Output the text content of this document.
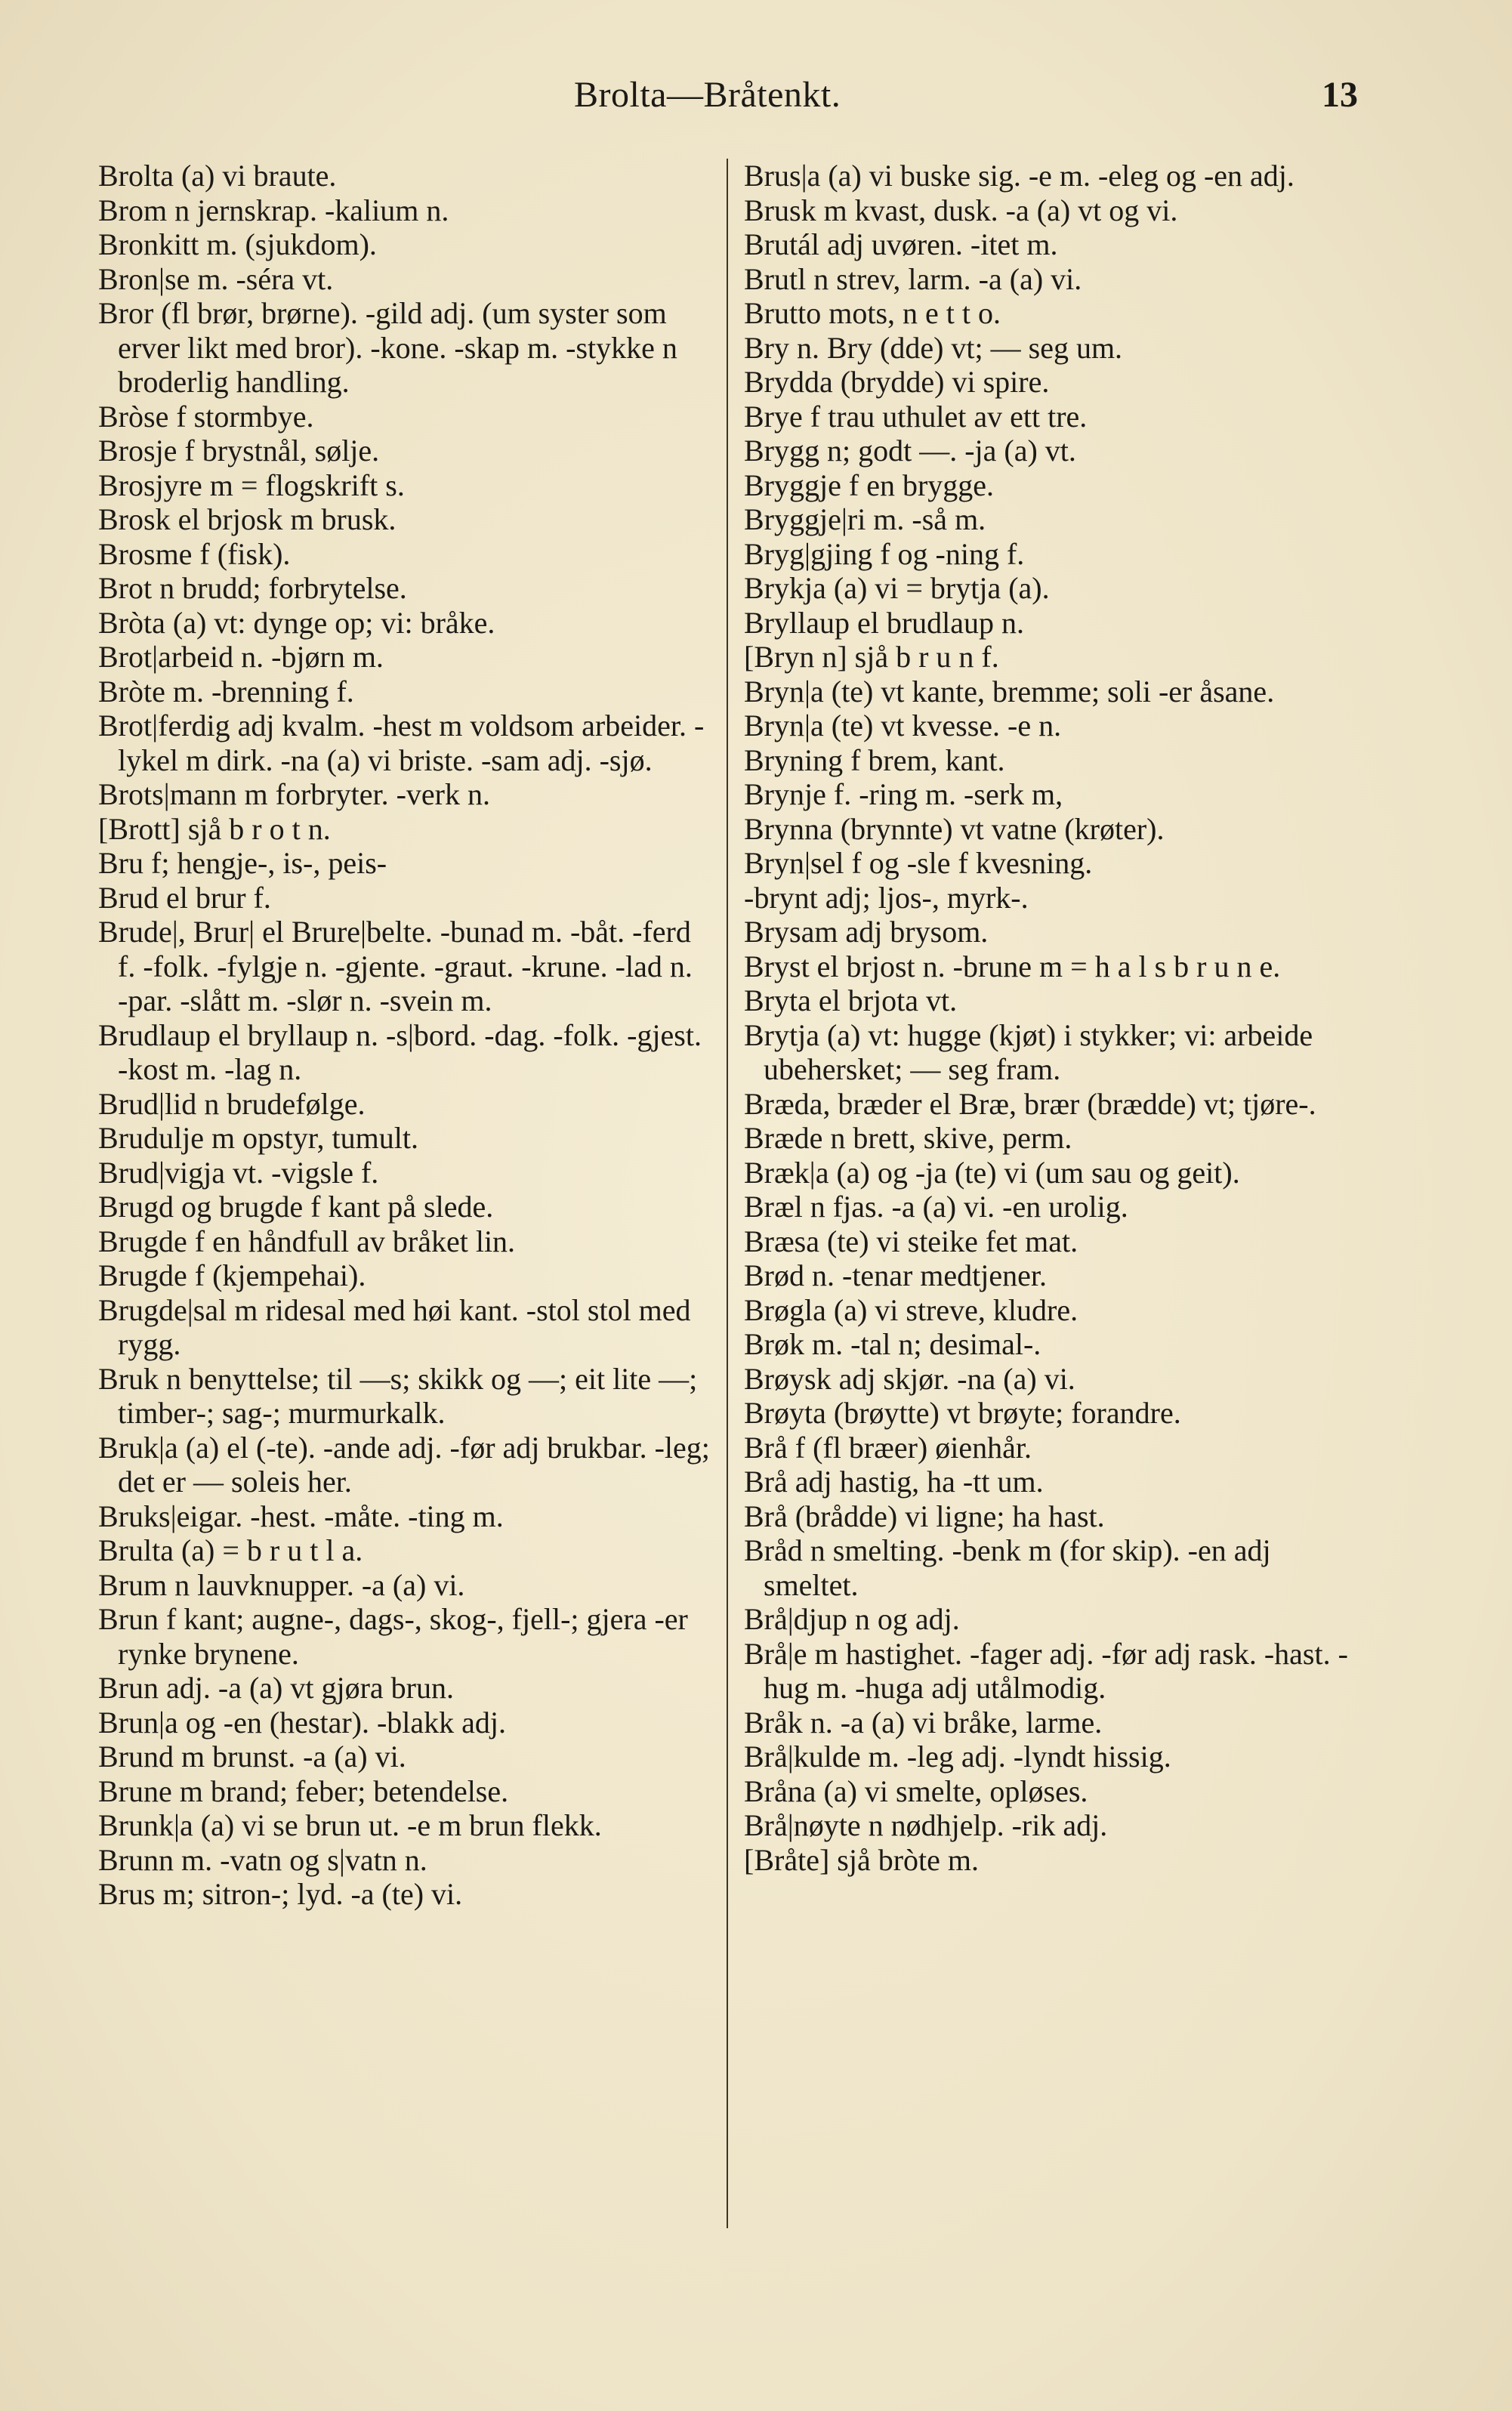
Brolta—Bråtenkt.	13

Brolta (a) vi braute.

Brom n jernskrap. -kalium n.

Bronkitt m. (sjukdom).

Bron|se m. -séra vt.

Bror (fl brør, brørne). -gild adj. (um syster som erver likt med bror). -kone. -skap m. -stykke n broderlig handling.

Bròse f stormbye.

Brosje f brystnål, sølje.

Brosjyre m = flogskrift s.

Brosk el brjosk m brusk.

Brosme f (fisk).

Brot n brudd; forbrytelse.

Bròta (a) vt: dynge op; vi: bråke.

Brot|arbeid n. -bjørn m.

Bròte m. -brenning f.

Brot|ferdig adj kvalm. -hest m voldsom arbeider. -lykel m dirk. -na (a) vi briste. -sam adj. -sjø.

Brots|mann m forbryter. -verk n.

[Brott] sjå b r o t n.

Bru f; hengje-, is-, peis-

Brud el brur f.

Brude|, Brur| el Brure|belte. -bunad m. -båt. -ferd f. -folk. -fylgje n. -gjente. -graut. -krune. -lad n. -par. -slått m. -slør n. -svein m.

Brudlaup el bryllaup n. -s|bord. -dag. -folk. -gjest. -kost m. -lag n.

Brud|lid n brudefølge.

Brudulje m opstyr, tumult.

Brud|vigja vt. -vigsle f.

Brugd og brugde f kant på slede.

Brugde f en håndfull av bråket lin.

Brugde f (kjempehai).

Brugde|sal m ridesal med høi kant. -stol stol med rygg.

Bruk n benyttelse; til —s; skikk og —; eit lite —; timber-; sag-; murmurkalk.

Bruk|a (a) el (-te). -ande adj. -før adj brukbar. -leg; det er — soleis her.

Bruks|eigar. -hest. -måte. -ting m.

Brulta (a) = b r u t l a.

Brum n lauvknupper. -a (a) vi.

Brun f kant; augne-, dags-, skog-, fjell-; gjera -er rynke brynene.

Brun adj. -a (a) vt gjøra brun.

Brun|a og -en (hestar). -blakk adj.

Brund m brunst. -a (a) vi.

Brune m brand; feber; betendelse.

Brunk|a (a) vi se brun ut. -e m brun flekk.

Brunn m. -vatn og s|vatn n.

Brus m; sitron-; lyd. -a (te) vi.

Brus|a (a) vi buske sig. -e m. -eleg og -en adj.

Brusk m kvast, dusk. -a (a) vt og vi.

Brutál adj uvøren. -itet m.

Brutl n strev, larm. -a (a) vi.

Brutto mots, n e t t o.

Bry n. Bry (dde) vt; — seg um.

Brydda (brydde) vi spire.

Brye f trau uthulet av ett tre.

Brygg n; godt —. -ja (a) vt.

Bryggje f en brygge.

Bryggje|ri m. -så m.

Bryg|gjing f og -ning f.

Brykja (a) vi = brytja (a).

Bryllaup el brudlaup n.

[Bryn n] sjå b r u n f.

Bryn|a (te) vt kante, bremme; soli -er åsane.

Bryn|a (te) vt kvesse. -e n.

Bryning f brem, kant.

Brynje f. -ring m. -serk m,

Brynna (brynnte) vt vatne (krøter).

Bryn|sel f og -sle f kvesning.

-brynt adj; ljos-, myrk-.

Brysam adj brysom.

Bryst el brjost n. -brune m = h a l s b r u n e.

Bryta el brjota vt.

Brytja (a) vt: hugge (kjøt) i stykker; vi: arbeide ubehersket; — seg fram.

Bræda, bræder el Bræ, brær (brædde) vt; tjøre-.

Bræde n brett, skive, perm.

Bræk|a (a) og -ja (te) vi (um sau og geit).

Bræl n fjas. -a (a) vi. -en urolig.

Bræsa (te) vi steike fet mat.

Brød n. -tenar medtjener.

Brøgla (a) vi streve, kludre.

Brøk m. -tal n; desimal-.

Brøysk adj skjør. -na (a) vi.

Brøyta (brøytte) vt brøyte; forandre.

Brå f (fl bræer) øienhår.

Brå adj hastig, ha -tt um.

Brå (brådde) vi ligne; ha hast.

Bråd n smelting. -benk m (for skip). -en adj smeltet.

Brå|djup n og adj.

Brå|e m hastighet. -fager adj. -før adj rask. -hast. -hug m. -huga adj utålmodig.

Bråk n. -a (a) vi bråke, larme.

Brå|kulde m. -leg adj. -lyndt hissig.

Bråna (a) vi smelte, opløses.

Brå|nøyte n nødhjelp. -rik adj.

[Bråte] sjå bròte m.
